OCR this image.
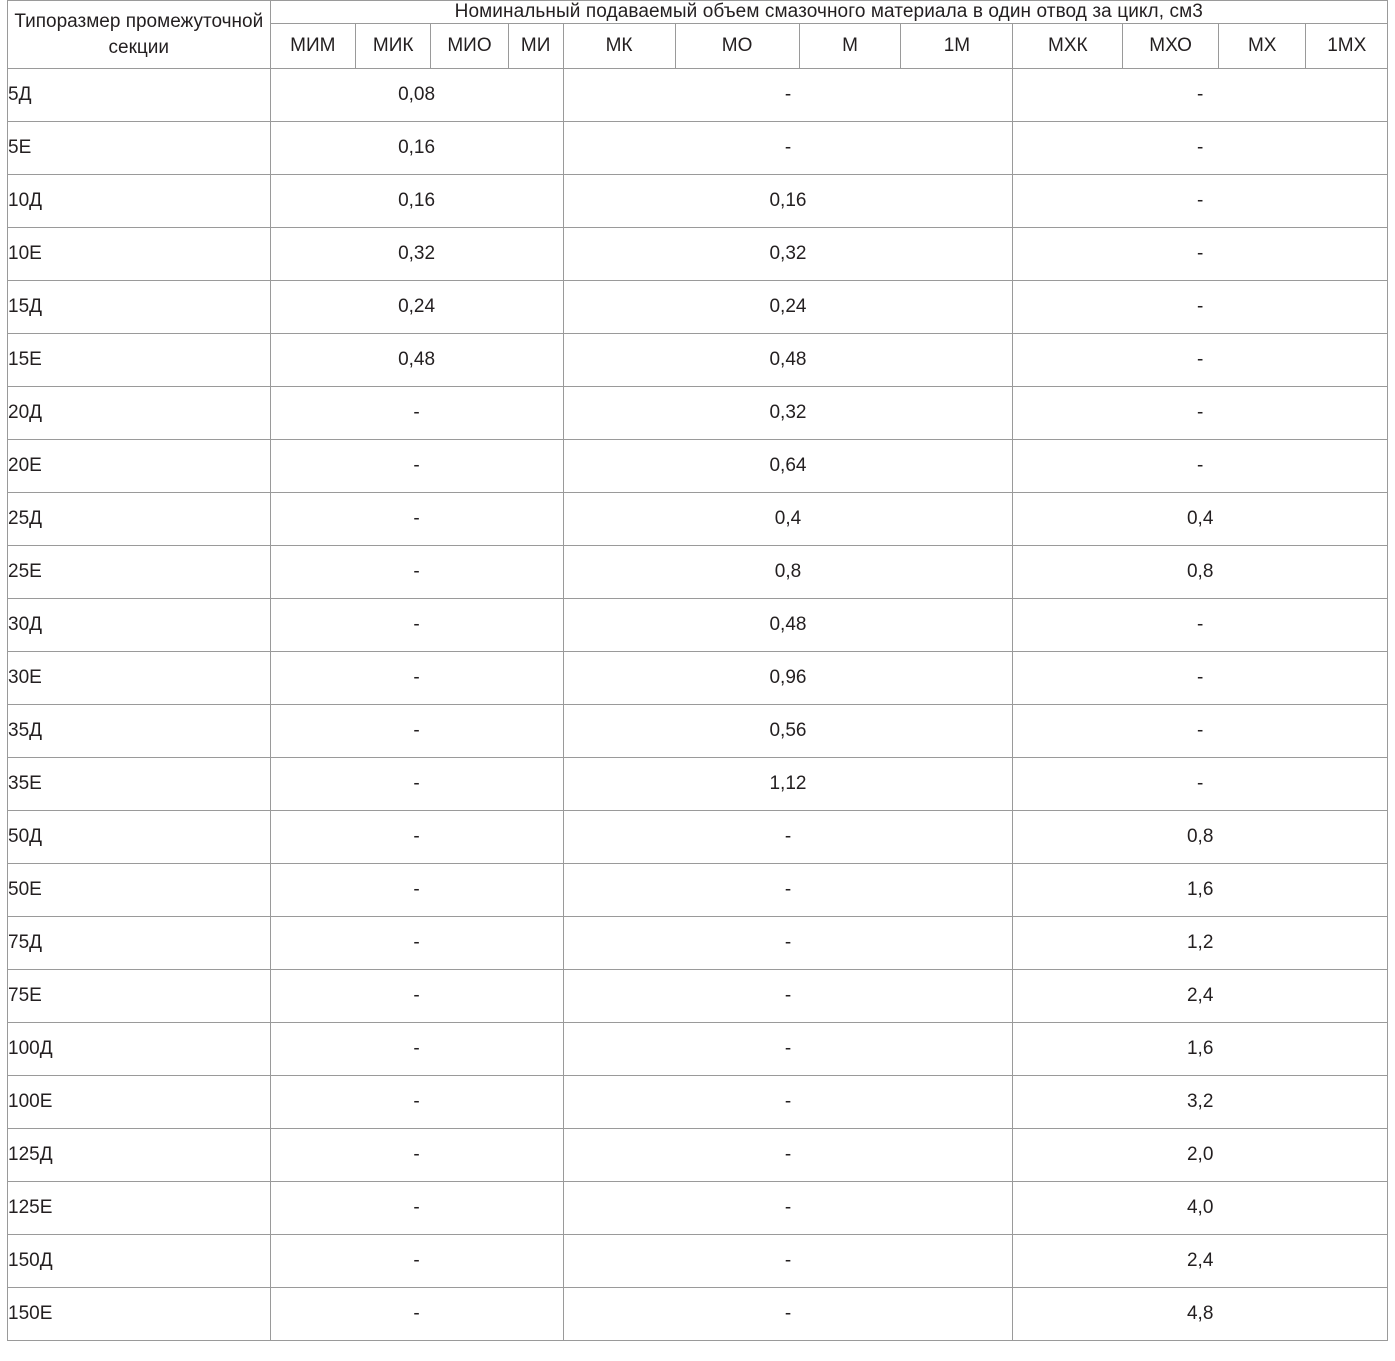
Типоразмер промежуточной секции	Номинальный подаваемый объем смазочного материала в один отвод за цикл, см3											
	МИМ	МИК	МИО	МИ	МК	МО	М	1М	МХК	МХО	МХ	1МХ
5Д	0,08				-				-			
5Е	0,16				-				-			
10Д	0,16				0,16				-			
10Е	0,32				0,32				-			
15Д	0,24				0,24				-			
15Е	0,48				0,48				-			
20Д	-				0,32				-			
20Е	-				0,64				-			
25Д	-				0,4				0,4			
25Е	-				0,8				0,8			
30Д	-				0,48				-			
30Е	-				0,96				-			
35Д	-				0,56				-			
35Е	-				1,12				-			
50Д	-				-				0,8			
50Е	-				-				1,6			
75Д	-				-				1,2			
75Е	-				-				2,4			
100Д	-				-				1,6			
100Е	-				-				3,2			
125Д	-				-				2,0			
125Е	-				-				4,0			
150Д	-				-				2,4			
150Е	-				-				4,8			
